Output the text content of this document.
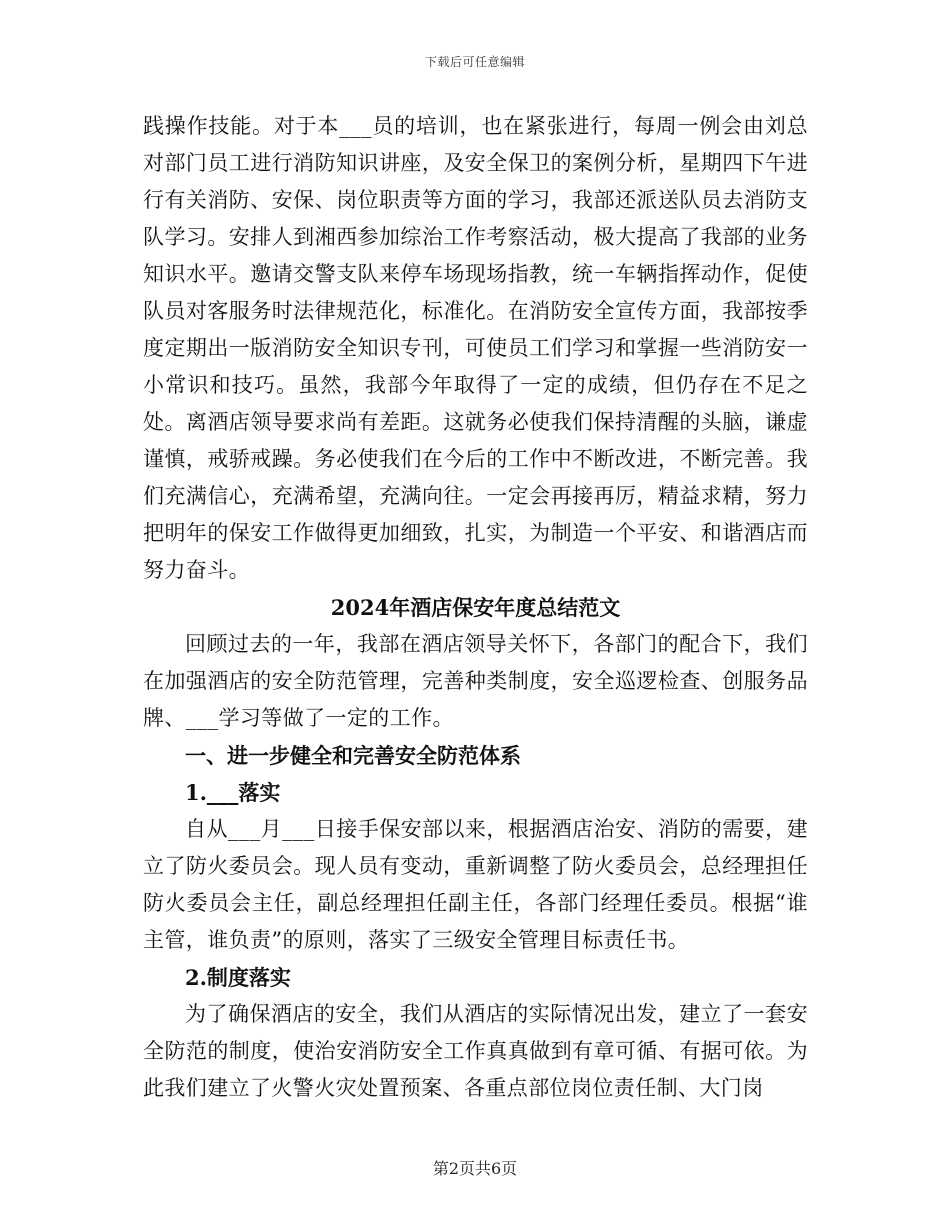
下载后可任意编辑

践操作技能。对于本___员的培训，也在紧张进行，每周一例会由刘总对部门员工进行消防知识讲座，及安全保卫的案例分析，星期四下午进行有关消防、安保、岗位职责等方面的学习，我部还派送队员去消防支队学习。安排人到湘西参加综治工作考察活动，极大提高了我部的业务知识水平。邀请交警支队来停车场现场指教，统一车辆指挥动作，促使队员对客服务时法律规范化，标准化。在消防安全宣传方面，我部按季度定期出一版消防安全知识专刊，可使员工们学习和掌握一些消防安一小常识和技巧。虽然，我部今年取得了一定的成绩，但仍存在不足之处。离酒店领导要求尚有差距。这就务必使我们保持清醒的头脑，谦虚谨慎，戒骄戒躁。务必使我们在今后的工作中不断改进，不断完善。我们充满信心，充满希望，充满向往。一定会再接再厉，精益求精，努力把明年的保安工作做得更加细致，扎实，为制造一个平安、和谐酒店而努力奋斗。

2024年酒店保安年度总结范文

回顾过去的一年，我部在酒店领导关怀下，各部门的配合下，我们在加强酒店的安全防范管理，完善种类制度，安全巡逻检查、创服务品牌、___学习等做了一定的工作。

一、进一步健全和完善安全防范体系

1.___落实

自从___月___日接手保安部以来，根据酒店治安、消防的需要，建立了防火委员会。现人员有变动，重新调整了防火委员会，总经理担任防火委员会主任，副总经理担任副主任，各部门经理任委员。根据“谁主管，谁负责”的原则，落实了三级安全管理目标责任书。

2.制度落实

为了确保酒店的安全，我们从酒店的实际情况出发，建立了一套安全防范的制度，使治安消防安全工作真真做到有章可循、有据可依。为此我们建立了火警火灾处置预案、各重点部位岗位责任制、大门岗

第2页共6页
